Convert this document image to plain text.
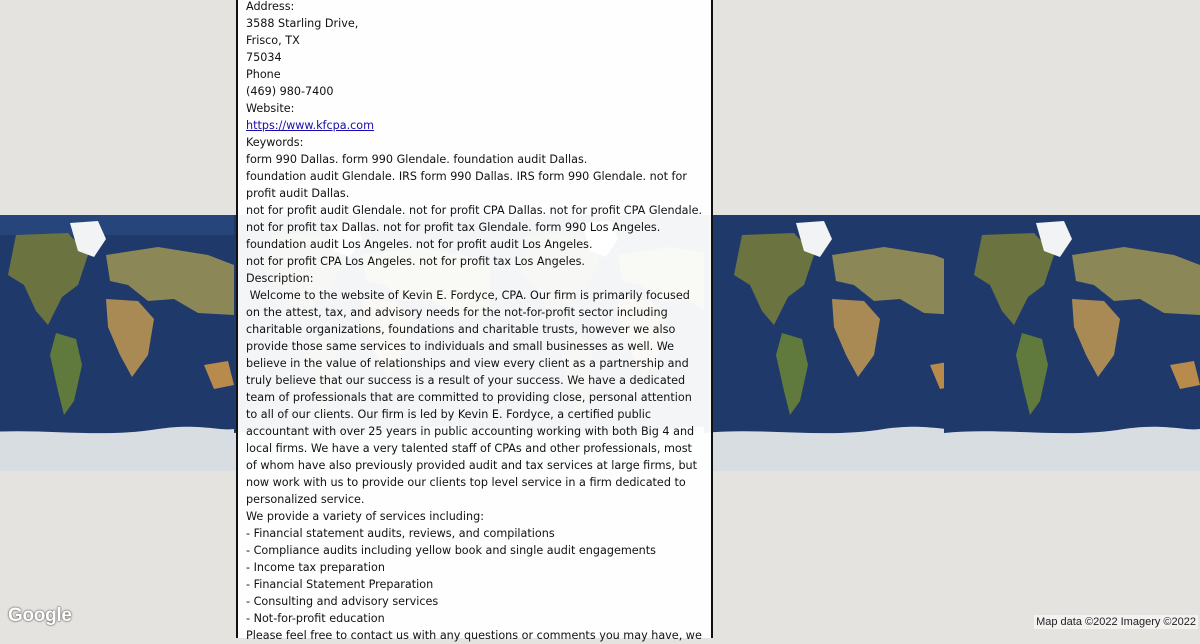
Google	Map data ©2022 Imagery ©2022
Address:
3588 Starling Drive,
Frisco, TX
75034
Phone
(469) 980-7400
Website:
https://www.kfcpa.com
Keywords:
form 990 Dallas. form 990 Glendale. foundation audit Dallas.
foundation audit Glendale. IRS form 990 Dallas. IRS form 990 Glendale. not for profit audit Dallas.
not for profit audit Glendale. not for profit CPA Dallas. not for profit CPA Glendale.
not for profit tax Dallas. not for profit tax Glendale. form 990 Los Angeles.
foundation audit Los Angeles. not for profit audit Los Angeles.
not for profit CPA Los Angeles. not for profit tax Los Angeles.
Description:
Welcome to the website of Kevin E. Fordyce, CPA. Our firm is primarily focused on the attest, tax, and advisory needs for the not-for-profit sector including charitable organizations, foundations and charitable trusts, however we also provide those same services to individuals and small businesses as well. We believe in the value of relationships and view every client as a partnership and truly believe that our success is a result of your success. We have a dedicated team of professionals that are committed to providing close, personal attention to all of our clients. Our firm is led by Kevin E. Fordyce, a certified public accountant with over 25 years in public accounting working with both Big 4 and local firms. We have a very talented staff of CPAs and other professionals, most of whom have also previously provided audit and tax services at large firms, but now work with us to provide our clients top level service in a firm dedicated to personalized service.
We provide a variety of services including:
- Financial statement audits, reviews, and compilations
- Compliance audits including yellow book and single audit engagements
- Income tax preparation
- Financial Statement Preparation
- Consulting and advisory services
- Not-for-profit education
Please feel free to contact us with any questions or comments you may have, we
